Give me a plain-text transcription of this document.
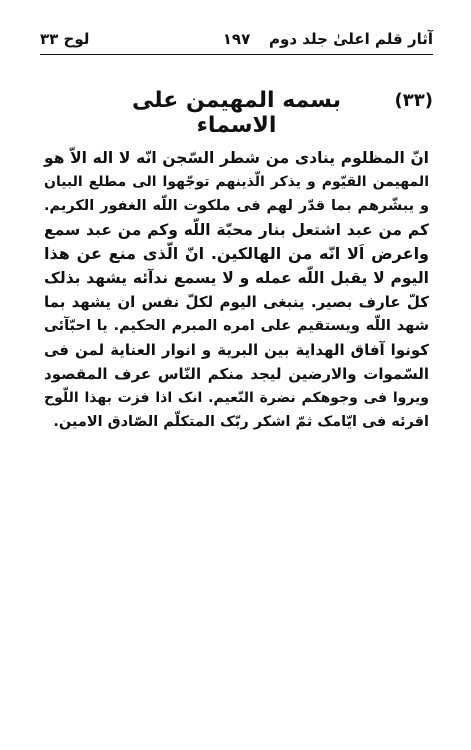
لوح ۳۳	۱۹۷	آثار قلم اعلیٰ جلد دوم
(۳۳)
بسمه المهیمن علی الاسماء
انّ المظلوم ینادی من شطر السّجن انّه لا اله الاّ هو
المهیمن القیّوم و یذکر الّذینهم توجّهوا الی مطلع البیان
و یبشّرهم بما قدّر لهم فی ملکوت اللّه الغفور الکریم.
کم من عبد اشتعل بنار محبّة اللّه وکم من عبد سمع
واعرض اَلا انّه من الهالکین. انّ الّذی منع عن هذا
الیوم لا یقبل اللّه عمله و لا یسمع ندآئه یشهد بذلک
کلّ عارف بصیر. ینبغی الیوم لکلّ نفس ان یشهد بما
شهد اللّه ویستقیم علی امره المبرم الحکیم. یا احبّآئی
کونوا آفاق الهدایة بین البریة و انوار العنایة لمن فی
السّموات والارضین لیجد منکم النّاس عرف المقصود
ویروا فی وجوهکم نضرة النّعیم. انک اذا فزت بهذا اللّوح
اقرئه فی ایّامک ثمّ اشکر ربّک المتکلّم الصّادق الامین.
